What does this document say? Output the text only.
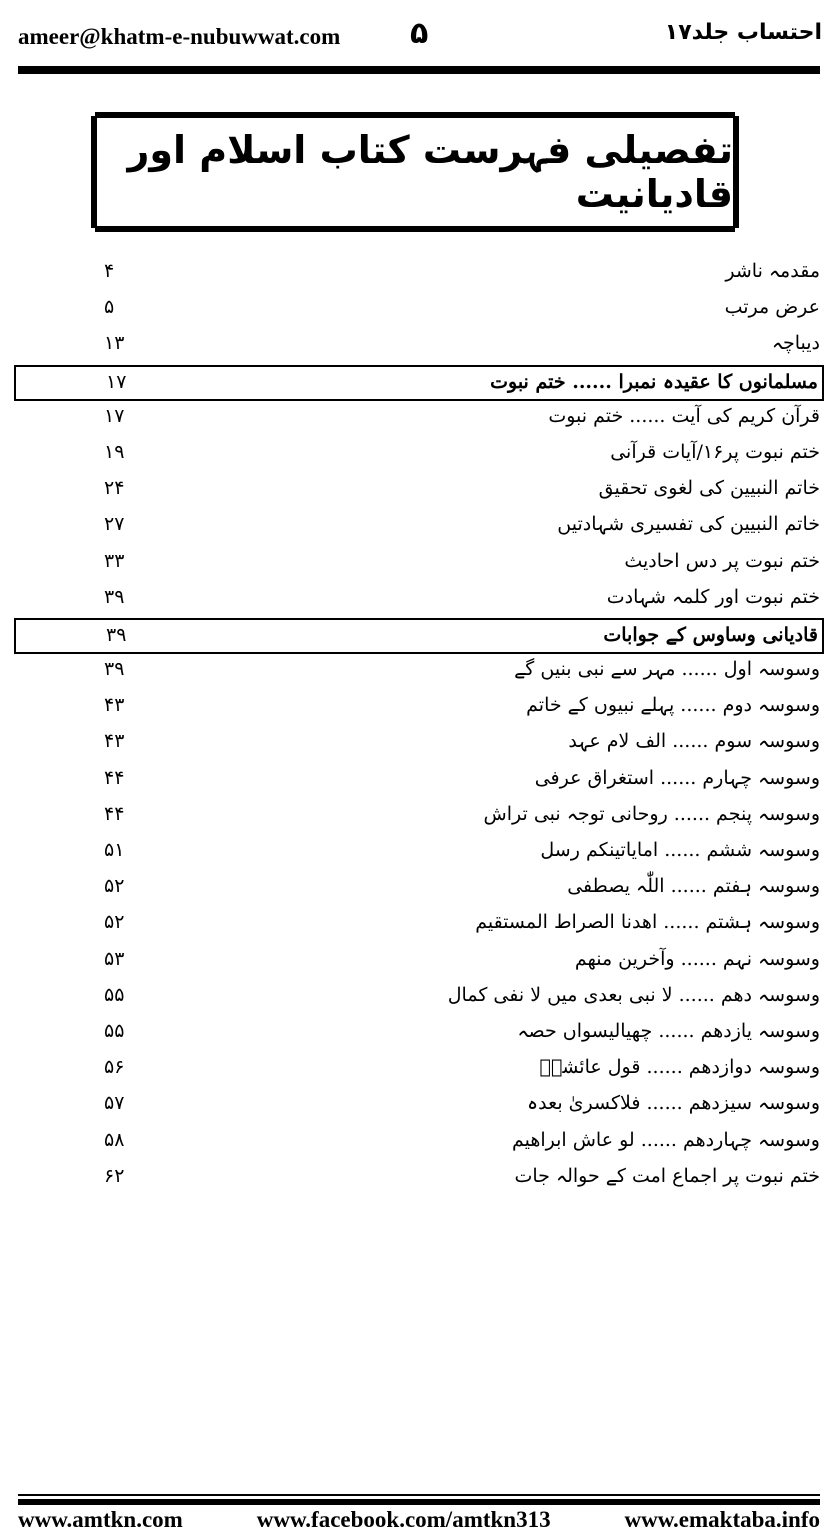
ameer@khatm-e-nubuwwat.com ۵	احتساب جلد۱۷
تفصیلی فہرست کتاب اسلام اور قادیانیت
مقدمہ ناشر
۴
عرض مرتب
۵
دیباچہ
۱۳
مسلمانوں کا عقیدہ نمبرا ...... ختم نبوت
۱۷
قرآن کریم کی آیت ...... ختم نبوت
۱۷
ختم نبوت پر۱۶/آیات قرآنی
۱۹
خاتم النبیین کی لغوی تحقیق
۲۴
خاتم النبیین کی تفسیری شہادتیں
۲۷
ختم نبوت پر دس احادیث
۳۳
ختم نبوت اور کلمہ شہادت
۳۹
قادیانی وساوس کے جوابات
۳۹
وسوسہ اول ...... مہر سے نبی بنیں گے
۳۹
وسوسہ دوم ...... پہلے نبیوں کے خاتم
۴۳
وسوسہ سوم ...... الف لام عہد
۴۳
وسوسہ چہارم ...... استغراق عرفی
۴۴
وسوسہ پنجم ...... روحانی توجہ نبی تراش
۴۴
وسوسہ ششم ...... امایاتینکم رسل
۵۱
وسوسہ ہفتم ...... اللّٰہ یصطفی
۵۲
وسوسہ ہشتم ...... اھدنا الصراط المستقیم
۵۲
وسوسہ نہم ...... وآخرین منھم
۵۳
وسوسہ دھم ...... لا نبی بعدی میں لا نفی کمال
۵۵
وسوسہ یازدھم ...... چھیالیسواں حصہ
۵۵
وسوسہ دوازدھم ...... قول عائشہؓ
۵۶
وسوسہ سیزدھم ...... فلاکسریٰ بعدہ
۵۷
وسوسہ چہاردھم ...... لو عاش ابراھیم
۵۸
ختم نبوت پر اجماع امت کے حوالہ جات
۶۲
www.amtkn.com	www.facebook.com/amtkn313	www.emaktaba.info
